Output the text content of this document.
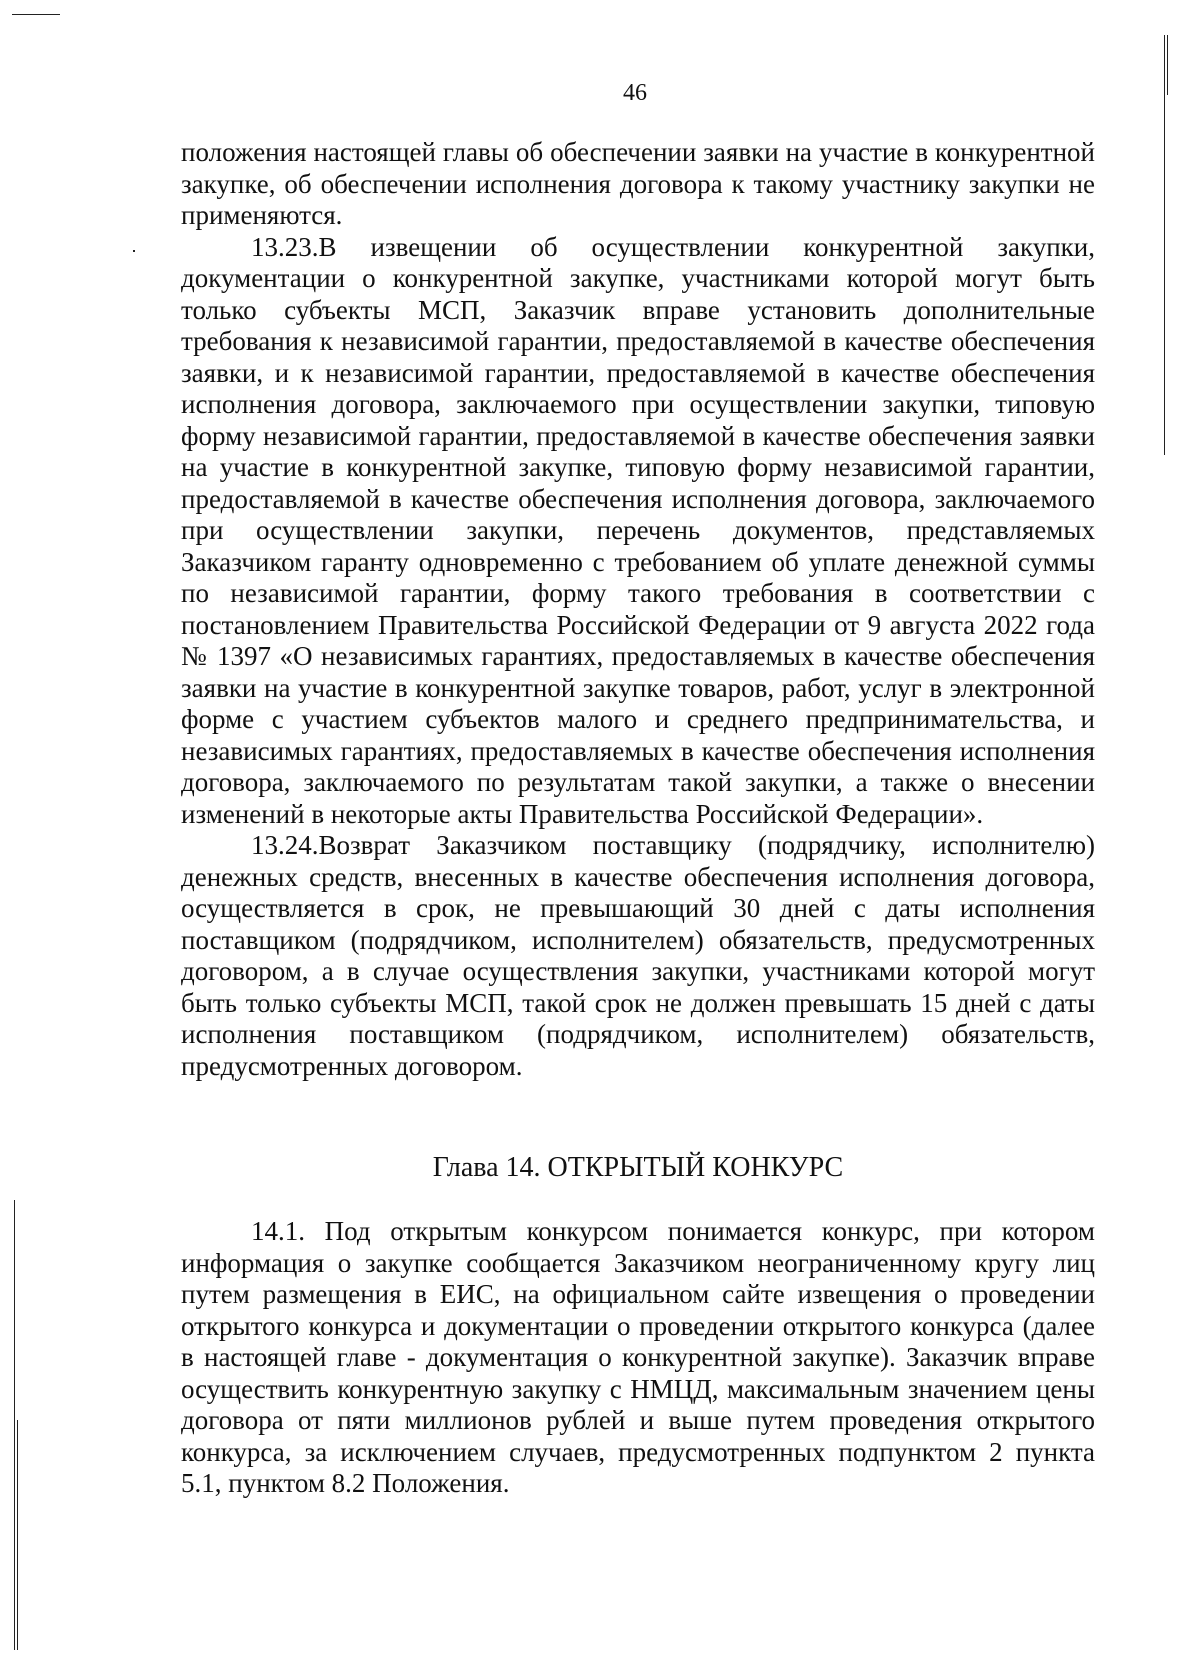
46

положения настоящей главы об обеспечении заявки на участие в конкурентной закупке, об обеспечении исполнения договора к такому участнику закупки не применяются.

13.23.В извещении об осуществлении конкурентной закупки, документации о конкурентной закупке, участниками которой могут быть только субъекты МСП, Заказчик вправе установить дополнительные требования к независимой гарантии, предоставляемой в качестве обеспечения заявки, и к независимой гарантии, предоставляемой в качестве обеспечения исполнения договора, заключаемого при осуществлении закупки, типовую форму независимой гарантии, предоставляемой в качестве обеспечения заявки на участие в конкурентной закупке, типовую форму независимой гарантии, предоставляемой в качестве обеспечения исполнения договора, заключаемого при осуществлении закупки, перечень документов, представляемых Заказчиком гаранту одновременно с требованием об уплате денежной суммы по независимой гарантии, форму такого требования в соответствии с постановлением Правительства Российской Федерации от 9 августа 2022 года № 1397 «О независимых гарантиях, предоставляемых в качестве обеспечения заявки на участие в конкурентной закупке товаров, работ, услуг в электронной форме с участием субъектов малого и среднего предпринимательства, и независимых гарантиях, предоставляемых в качестве обеспечения исполнения договора, заключаемого по результатам такой закупки, а также о внесении изменений в некоторые акты Правительства Российской Федерации».

13.24.Возврат Заказчиком поставщику (подрядчику, исполнителю) денежных средств, внесенных в качестве обеспечения исполнения договора, осуществляется в срок, не превышающий 30 дней с даты исполнения поставщиком (подрядчиком, исполнителем) обязательств, предусмотренных договором, а в случае осуществления закупки, участниками которой могут быть только субъекты МСП, такой срок не должен превышать 15 дней с даты исполнения поставщиком (подрядчиком, исполнителем) обязательств, предусмотренных договором.

Глава 14. ОТКРЫТЫЙ КОНКУРС

14.1. Под открытым конкурсом понимается конкурс, при котором информация о закупке сообщается Заказчиком неограниченному кругу лиц путем размещения в ЕИС, на официальном сайте извещения о проведении открытого конкурса и документации о проведении открытого конкурса (далее в настоящей главе - документация о конкурентной закупке). Заказчик вправе осуществить конкурентную закупку с НМЦД, максимальным значением цены договора от пяти миллионов рублей и выше путем проведения открытого конкурса, за исключением случаев, предусмотренных подпунктом 2 пункта 5.1, пунктом 8.2 Положения.
